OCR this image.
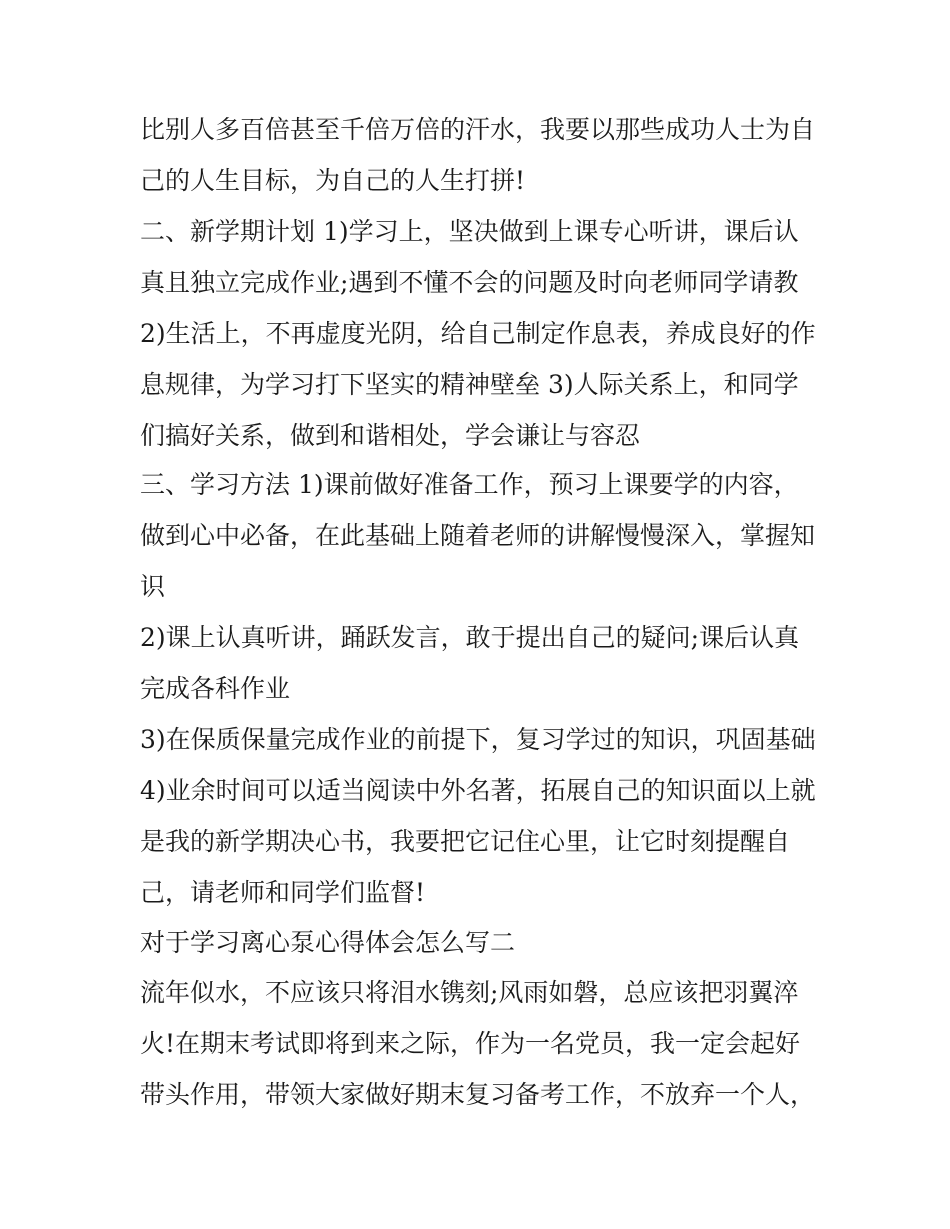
比别人多百倍甚至千倍万倍的汗水，我要以那些成功人士为自
己的人生目标，为自己的人生打拼!
二、新学期计划 1)学习上，坚决做到上课专心听讲，课后认
真且独立完成作业;遇到不懂不会的问题及时向老师同学请教
2)生活上，不再虚度光阴，给自己制定作息表，养成良好的作
息规律，为学习打下坚实的精神壁垒 3)人际关系上，和同学
们搞好关系，做到和谐相处，学会谦让与容忍
三、学习方法 1)课前做好准备工作，预习上课要学的内容，
做到心中必备，在此基础上随着老师的讲解慢慢深入，掌握知
识
2)课上认真听讲，踊跃发言，敢于提出自己的疑问;课后认真
完成各科作业
3)在保质保量完成作业的前提下，复习学过的知识，巩固基础
4)业余时间可以适当阅读中外名著，拓展自己的知识面以上就
是我的新学期决心书，我要把它记住心里，让它时刻提醒自
己，请老师和同学们监督!
对于学习离心泵心得体会怎么写二
流年似水，不应该只将泪水镌刻;风雨如磐，总应该把羽翼淬
火!在期末考试即将到来之际，作为一名党员，我一定会起好
带头作用，带领大家做好期末复习备考工作，不放弃一个人，
